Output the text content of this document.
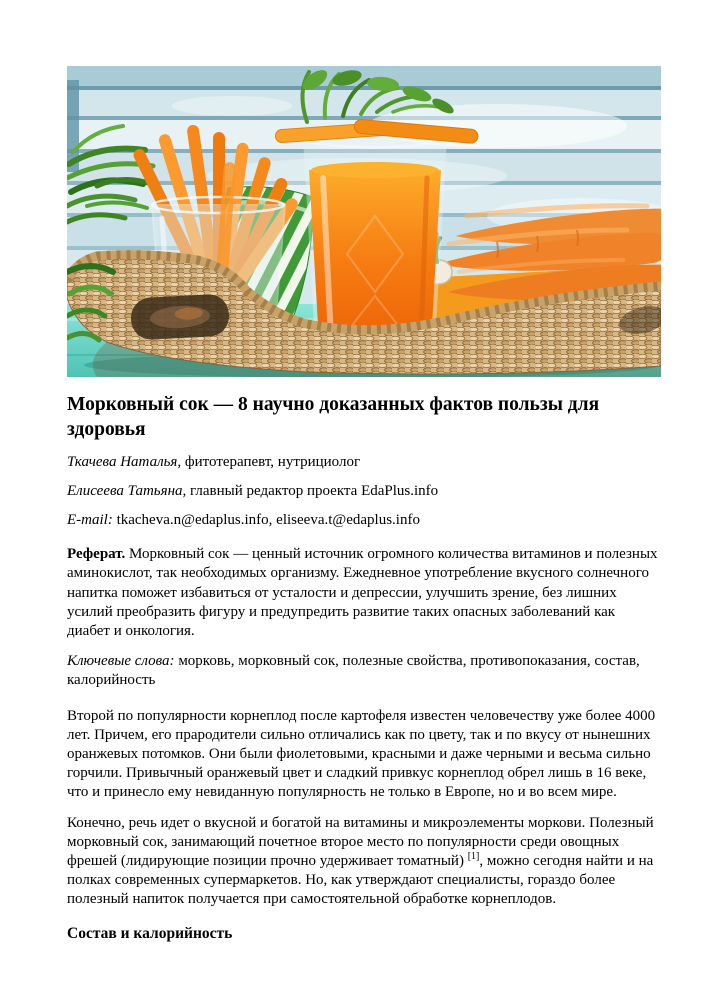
Морковный сок — 8 научно доказанных фактов пользы для здоровья

Ткачева Наталья, фитотерапевт, нутрициолог

Елисеева Татьяна, главный редактор проекта EdaPlus.info

E-mail: tkacheva.n@edaplus.info, eliseeva.t@edaplus.info

Реферат. Морковный сок — ценный источник огромного количества витаминов и полезных аминокислот, так необходимых организму. Ежедневное употребление вкусного солнечного напитка поможет избавиться от усталости и депрессии, улучшить зрение, без лишних усилий преобразить фигуру и предупредить развитие таких опасных заболеваний как диабет и онкология.

Ключевые слова: морковь, морковный сок, полезные свойства, противопоказания, состав, калорийность

Второй по популярности корнеплод после картофеля известен человечеству уже более 4000 лет. Причем, его прародители сильно отличались как по цвету, так и по вкусу от нынешних оранжевых потомков. Они были фиолетовыми, красными и даже черными и весьма сильно горчили. Привычный оранжевый цвет и сладкий привкус корнеплод обрел лишь в 16 веке, что и принесло ему невиданную популярность не только в Европе, но и во всем мире.

Конечно, речь идет о вкусной и богатой на витамины и микроэлементы моркови. Полезный морковный сок, занимающий почетное второе место по популярности среди овощных фрешей (лидирующие позиции прочно удерживает томатный) [1], можно сегодня найти и на полках современных супермаркетов. Но, как утверждают специалисты, гораздо более полезный напиток получается при самостоятельной обработке корнеплодов.

Состав и калорийность
